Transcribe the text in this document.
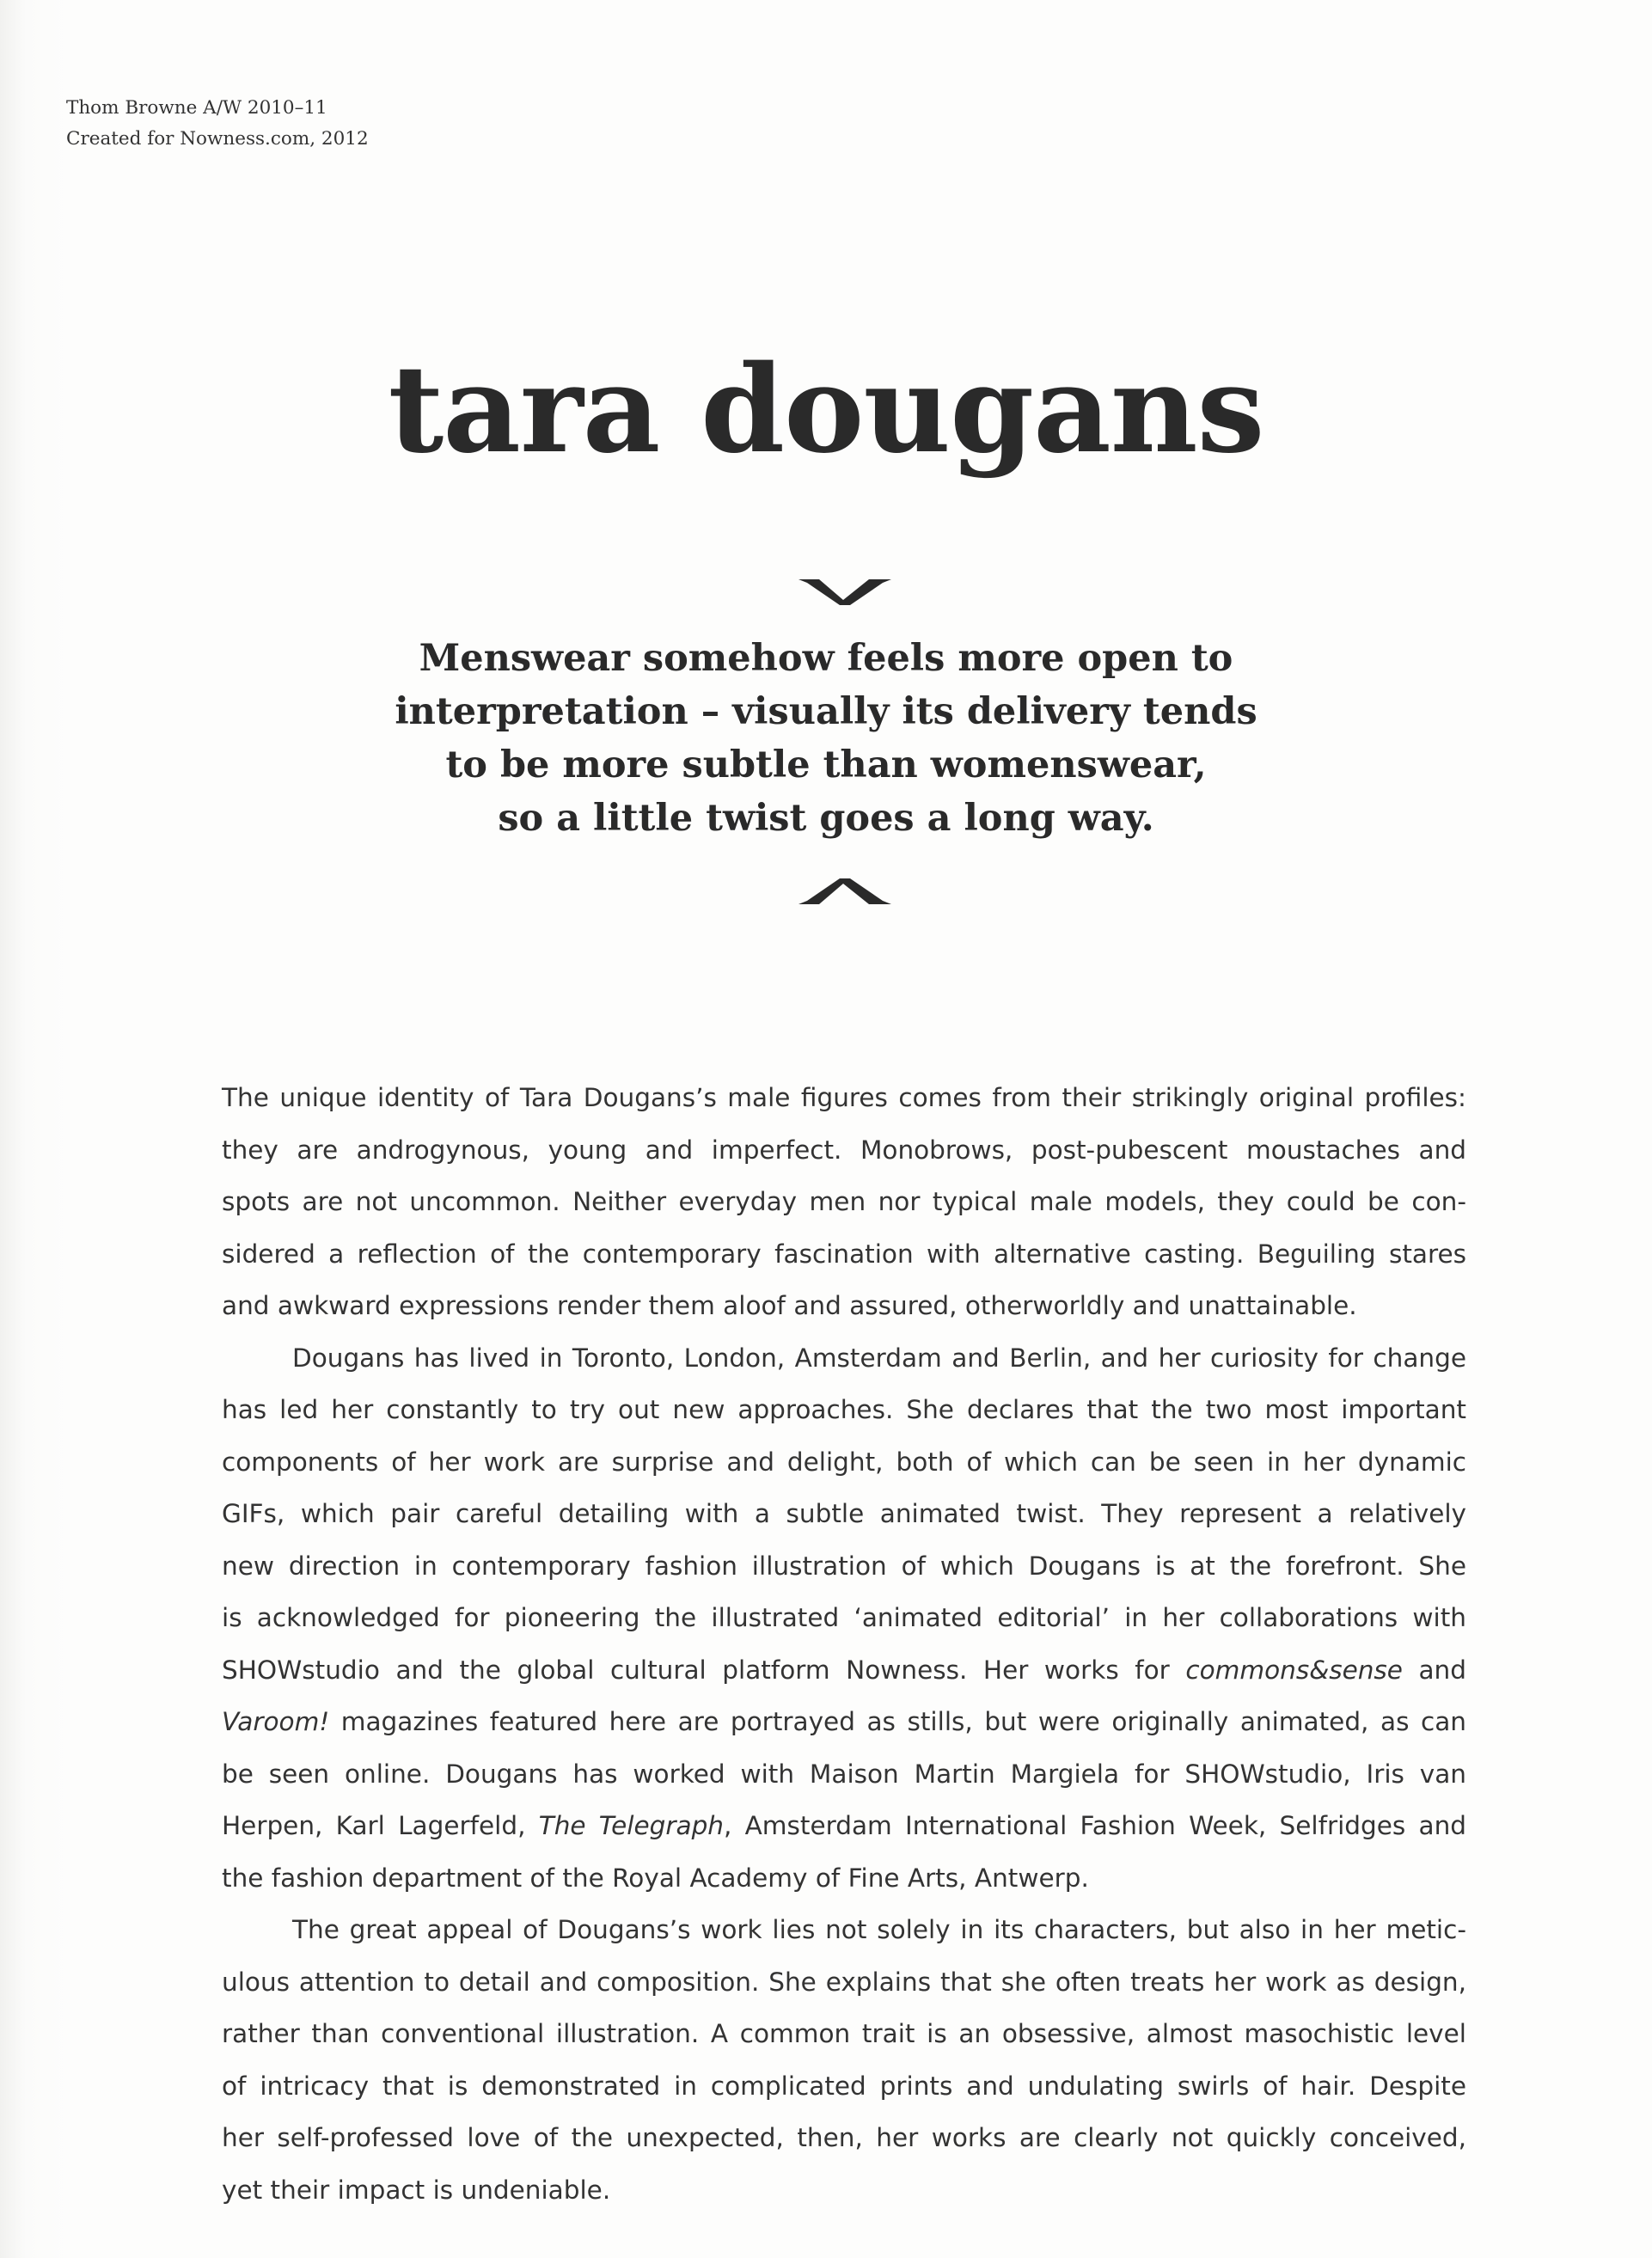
Thom Browne A/W 2010–11
Created for Nowness.com, 2012
tara dougans
Menswear somehow feels more open to
interpretation – visually its delivery tends
to be more subtle than womenswear,
so a little twist goes a long way.
The unique identity of Tara Dougans’s male figures comes from their strikingly original profiles:
they are androgynous, young and imperfect. Monobrows, post-pubescent moustaches and
spots are not uncommon. Neither everyday men nor typical male models, they could be con-
sidered a reflection of the contemporary fascination with alternative casting. Beguiling stares
and awkward expressions render them aloof and assured, otherworldly and unattainable.
Dougans has lived in Toronto, London, Amsterdam and Berlin, and her curiosity for change
has led her constantly to try out new approaches. She declares that the two most important
components of her work are surprise and delight, both of which can be seen in her dynamic
GIFs, which pair careful detailing with a subtle animated twist. They represent a relatively
new direction in contemporary fashion illustration of which Dougans is at the forefront. She
is acknowledged for pioneering the illustrated ‘animated editorial’ in her collaborations with
SHOWstudio and the global cultural platform Nowness. Her works for commons&sense and
Varoom! magazines featured here are portrayed as stills, but were originally animated, as can
be seen online. Dougans has worked with Maison Martin Margiela for SHOWstudio, Iris van
Herpen, Karl Lagerfeld, The Telegraph, Amsterdam International Fashion Week, Selfridges and
the fashion department of the Royal Academy of Fine Arts, Antwerp.
The great appeal of Dougans’s work lies not solely in its characters, but also in her metic-
ulous attention to detail and composition. She explains that she often treats her work as design,
rather than conventional illustration. A common trait is an obsessive, almost masochistic level
of intricacy that is demonstrated in complicated prints and undulating swirls of hair. Despite
her self-professed love of the unexpected, then, her works are clearly not quickly conceived,
yet their impact is undeniable.
